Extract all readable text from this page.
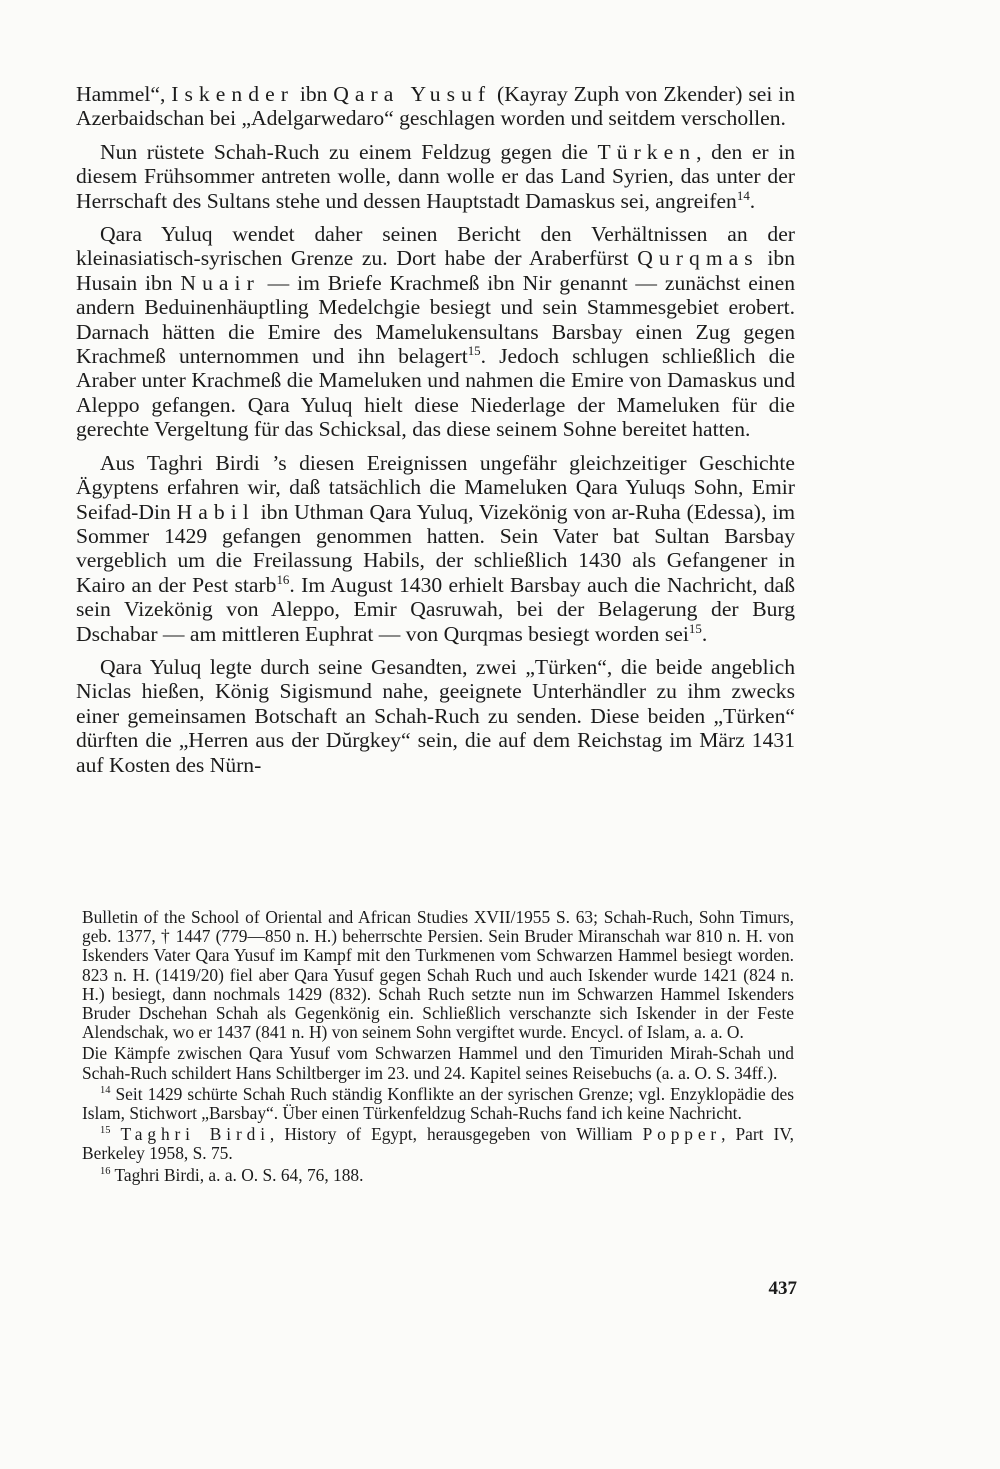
Hammel“, Iskender ibn Qara Yusuf (Kayray Zuph von Zkender) sei in Azerbaidschan bei „Adelgarwedaro“ geschlagen worden und seitdem verschollen.

Nun rüstete Schah-Ruch zu einem Feldzug gegen die Türken, den er in diesem Frühsommer antreten wolle, dann wolle er das Land Syrien, das unter der Herrschaft des Sultans stehe und dessen Hauptstadt Damaskus sei, angreifen$^{14}$.

Qara Yuluq wendet daher seinen Bericht den Verhältnissen an der kleinasiatisch-syrischen Grenze zu. Dort habe der Araberfürst Qurqmas ibn Husain ibn Nuair — im Briefe Krachmeß ibn Nir genannt — zunächst einen andern Beduinenhäuptling Medelchgie besiegt und sein Stammesgebiet erobert. Darnach hätten die Emire des Mamelukensultans Barsbay einen Zug gegen Krachmeß unternommen und ihn belagert$^{15}$. Jedoch schlugen schließlich die Araber unter Krachmeß die Mameluken und nahmen die Emire von Damaskus und Aleppo gefangen. Qara Yuluq hielt diese Niederlage der Mameluken für die gerechte Vergeltung für das Schicksal, das diese seinem Sohne bereitet hatten.

Aus Taghri Birdi ’s diesen Ereignissen ungefähr gleichzeitiger Geschichte Ägyptens erfahren wir, daß tatsächlich die Mameluken Qara Yuluqs Sohn, Emir Seifad-Din Habil ibn Uthman Qara Yuluq, Vizekönig von ar-Ruha (Edessa), im Sommer 1429 gefangen genommen hatten. Sein Vater bat Sultan Barsbay vergeblich um die Freilassung Habils, der schließlich 1430 als Gefangener in Kairo an der Pest starb$^{16}$. Im August 1430 erhielt Barsbay auch die Nachricht, daß sein Vizekönig von Aleppo, Emir Qasruwah, bei der Belagerung der Burg Dschabar — am mittleren Euphrat — von Qurqmas besiegt worden sei$^{15}$.

Qara Yuluq legte durch seine Gesandten, zwei „Türken“, die beide angeblich Niclas hießen, König Sigismund nahe, geeignete Unterhändler zu ihm zwecks einer gemeinsamen Botschaft an Schah-Ruch zu senden. Diese beiden „Türken“ dürften die „Herren aus der Dŭrgkey“ sein, die auf dem Reichstag im März 1431 auf Kosten des Nürn-

Bulletin of the School of Oriental and African Studies XVII/1955 S. 63; Schah-Ruch, Sohn Timurs, geb. 1377, † 1447 (779—850 n. H.) beherrschte Persien. Sein Bruder Miranschah war 810 n. H. von Iskenders Vater Qara Yusuf im Kampf mit den Turkmenen vom Schwarzen Hammel besiegt worden. 823 n. H. (1419/20) fiel aber Qara Yusuf gegen Schah Ruch und auch Iskender wurde 1421 (824 n. H.) besiegt, dann nochmals 1429 (832). Schah Ruch setzte nun im Schwarzen Hammel Iskenders Bruder Dschehan Schah als Gegenkönig ein. Schließlich verschanzte sich Iskender in der Feste Alendschak, wo er 1437 (841 n. H) von seinem Sohn vergiftet wurde. Encycl. of Islam, a. a. O.

Die Kämpfe zwischen Qara Yusuf vom Schwarzen Hammel und den Timuriden Mirah-Schah und Schah-Ruch schildert Hans Schiltberger im 23. und 24. Kapitel seines Reisebuchs (a. a. O. S. 34ff.).

$^{14}$ Seit 1429 schürte Schah Ruch ständig Konflikte an der syrischen Grenze; vgl. Enzyklopädie des Islam, Stichwort „Barsbay“. Über einen Türkenfeldzug Schah-Ruchs fand ich keine Nachricht.

$^{15}$ Taghri Birdi, History of Egypt, herausgegeben von William Popper, Part IV, Berkeley 1958, S. 75.

$^{16}$ Taghri Birdi, a. a. O. S. 64, 76, 188.

437
